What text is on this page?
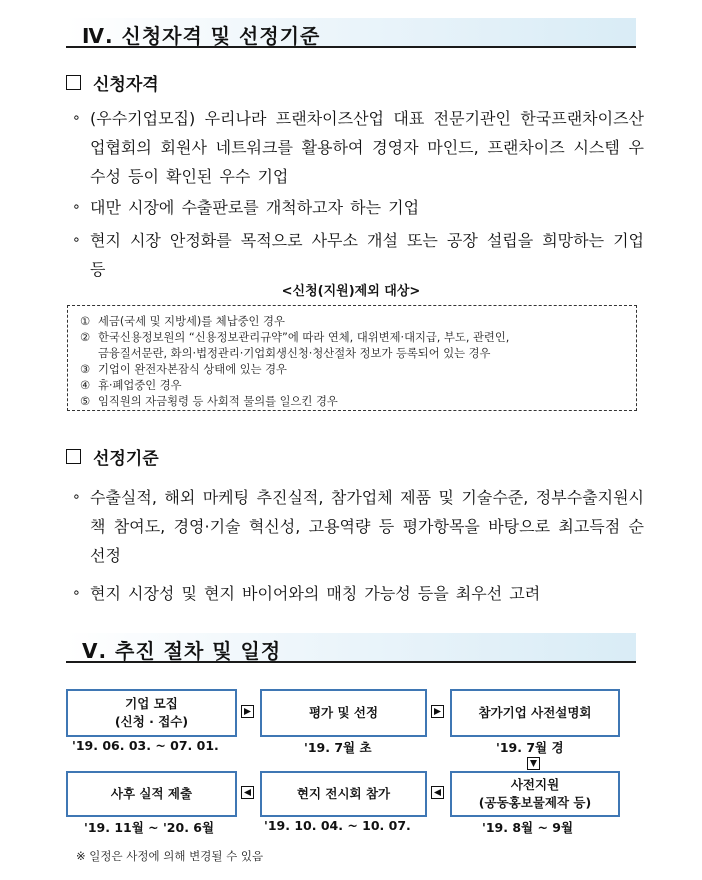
Ⅳ. 신청자격 및 선정기준
신청자격
∘ (우수기업모집) 우리나라 프랜차이즈산업 대표 전문기관인 한국프랜차이즈산업협회의 회원사 네트워크를 활용하여 경영자 마인드, 프랜차이즈 시스템 우수성 등이 확인된 우수 기업
∘ 대만 시장에 수출판로를 개척하고자 하는 기업
∘ 현지 시장 안정화를 목적으로 사무소 개설 또는 공장 설립을 희망하는 기업 등
<신청(지원)제외 대상>
① 세금(국세 및 지방세)를 체납중인 경우
② 한국신용정보원의 “신용정보관리규약”에 따라 연체, 대위변제·대지급, 부도, 관련인,
금융질서문란, 화의·법정관리·기업회생신청·청산절차 정보가 등록되어 있는 경우
③ 기업이 완전자본잠식 상태에 있는 경우
④ 휴·폐업중인 경우
⑤ 임직원의 자금횡령 등 사회적 물의를 일으킨 경우
선정기준
∘ 수출실적, 해외 마케팅 추진실적, 참가업체 제품 및 기술수준, 정부수출지원시책 참여도, 경영·기술 혁신성, 고용역량 등 평가항목을 바탕으로 최고득점 순 선정
∘ 현지 시장성 및 현지 바이어와의 매칭 가능성 등을 최우선 고려
Ⅴ. 추진 절차 및 일정
기업 모집
(신청 · 접수)
평가 및 선정	참가기업 사전설명회
'19. 06. 03. ~ 07. 01.	'19. 7월 초	'19. 7월 경
사후 실적 제출	현지 전시회 참가
사전지원
(공동홍보물제작 등)
'19. 11월 ~ '20. 6월	'19. 10. 04. ~ 10. 07.	'19. 8월 ~ 9월
※ 일정은 사정에 의해 변경될 수 있음
